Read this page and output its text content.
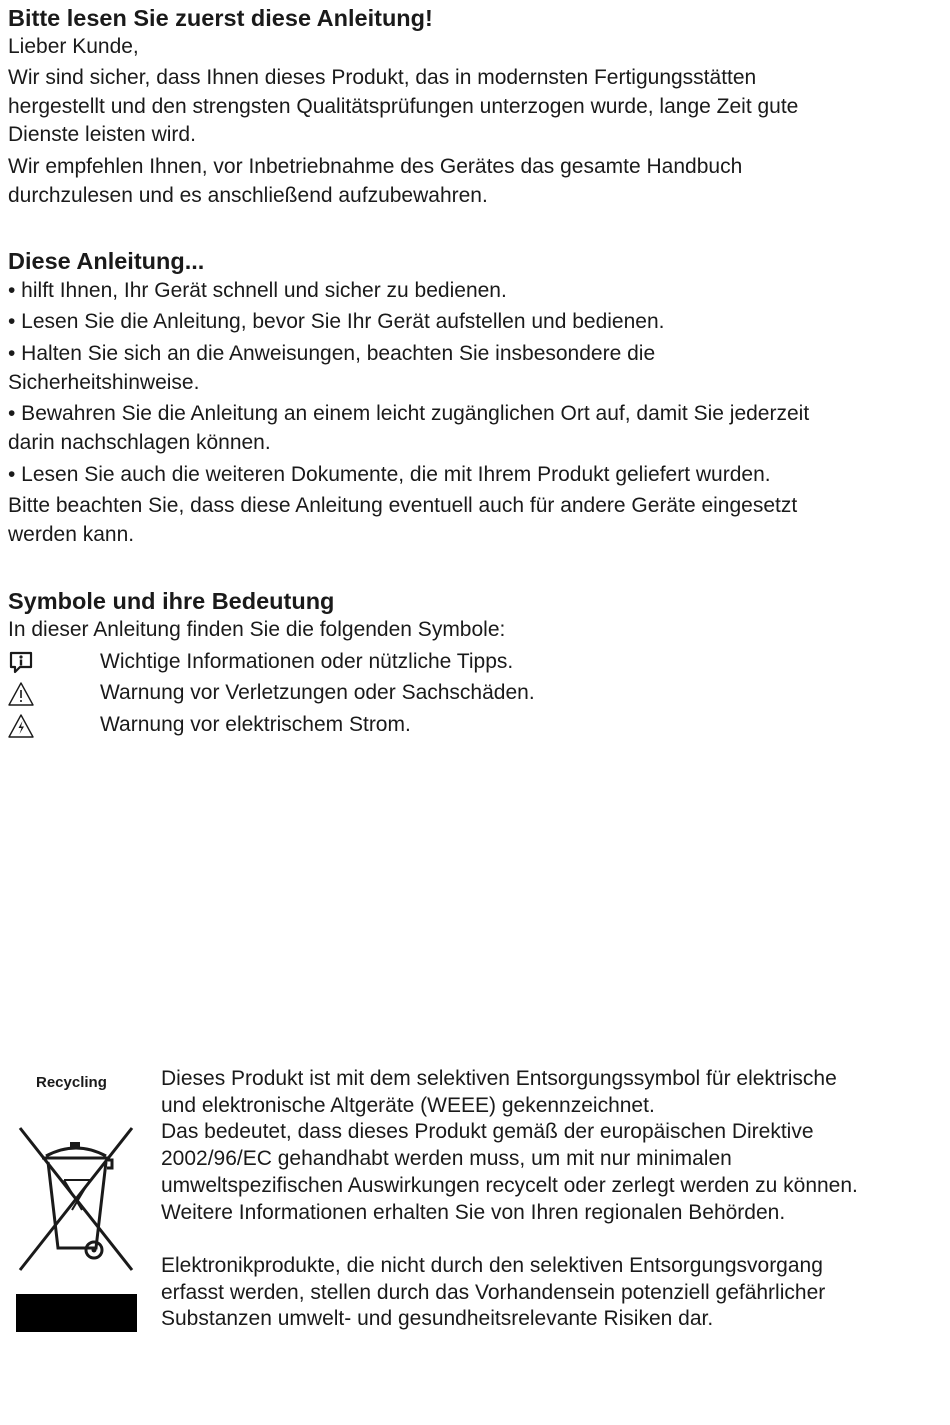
Bitte lesen Sie zuerst diese Anleitung!
Lieber Kunde,
Wir sind sicher, dass Ihnen dieses Produkt, das in modernsten Fertigungsstätten
hergestellt und den strengsten Qualitätsprüfungen unterzogen wurde, lange Zeit gute
Dienste leisten wird.
Wir empfehlen Ihnen, vor Inbetriebnahme des Gerätes das gesamte Handbuch
durchzulesen und es anschließend aufzubewahren.
Diese Anleitung...
• hilft Ihnen, Ihr Gerät schnell und sicher zu bedienen.
• Lesen Sie die Anleitung, bevor Sie Ihr Gerät aufstellen und bedienen.
• Halten Sie sich an die Anweisungen, beachten Sie insbesondere die
Sicherheitshinweise.
• Bewahren Sie die Anleitung an einem leicht zugänglichen Ort auf, damit Sie jederzeit
darin nachschlagen können.
• Lesen Sie auch die weiteren Dokumente, die mit Ihrem Produkt geliefert wurden.
Bitte beachten Sie, dass diese Anleitung eventuell auch für andere Geräte eingesetzt
werden kann.
Symbole und ihre Bedeutung
In dieser Anleitung finden Sie die folgenden Symbole:
Wichtige Informationen oder nützliche Tipps.
Warnung vor Verletzungen oder Sachschäden.
Warnung vor elektrischem Strom.
Recycling	Dieses Produkt ist mit dem selektiven Entsorgungssymbol für elektrische
und elektronische Altgeräte (WEEE) gekennzeichnet.
Das bedeutet, dass dieses Produkt gemäß der europäischen Direktive
2002/96/EC gehandhabt werden muss, um mit nur minimalen
umweltspezifischen Auswirkungen recycelt oder zerlegt werden zu können.
Weitere Informationen erhalten Sie von Ihren regionalen Behörden.
Elektronikprodukte, die nicht durch den selektiven Entsorgungsvorgang
erfasst werden, stellen durch das Vorhandensein potenziell gefährlicher
Substanzen umwelt- und gesundheitsrelevante Risiken dar.
